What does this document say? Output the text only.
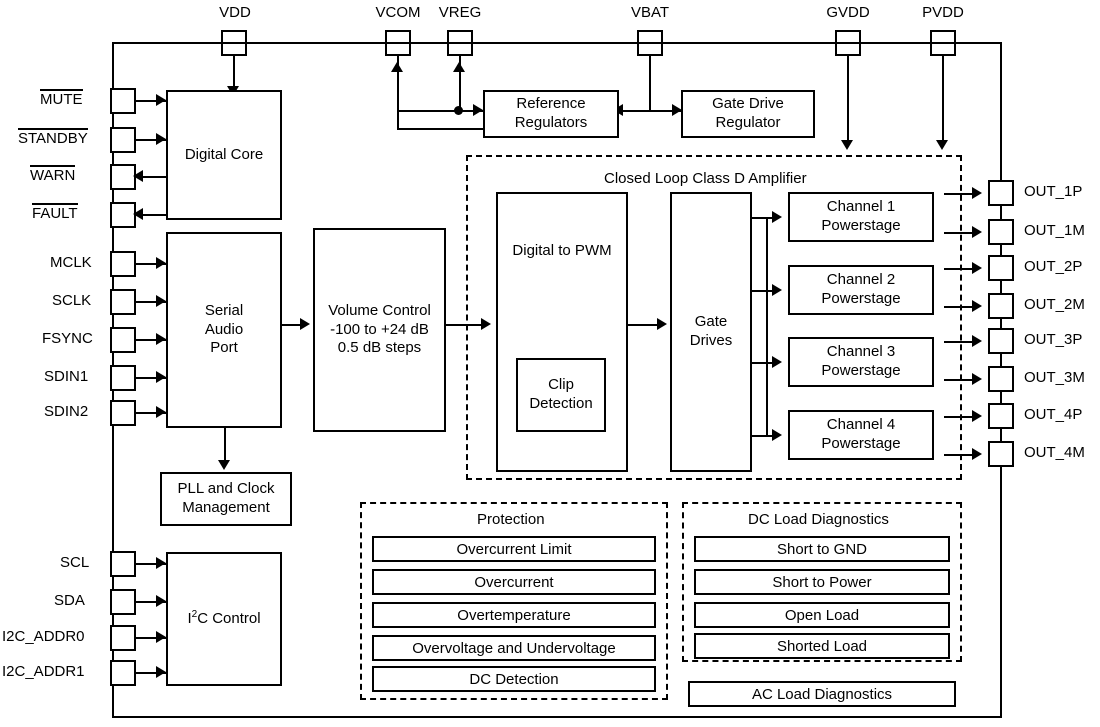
VDD	VCOM	VREG	VBAT	GVDD	PVDD
MUTE
STANDBY
WARN
FAULT
MCLK
SCLK
FSYNC
SDIN1
SDIN2
SCL
SDA
I2C_ADDR0
I2C_ADDR1
Digital Core
Serial
Audio
Port
Volume Control
-100 to +24 dB
0.5 dB steps
PLL and Clock
Management
$I^2C$ Control
Reference
Regulators
Gate Drive
Regulator
Closed Loop Class D Amplifier
Digital to PWM
Clip
Detection
Gate
Drives
Channel 1
Powerstage
Channel 2
Powerstage
Channel 3
Powerstage
Channel 4
Powerstage
OUT_1P
OUT_1M
OUT_2P
OUT_2M
OUT_3P
OUT_3M
OUT_4P
OUT_4M
Protection
Overcurrent Limit
Overcurrent
Overtemperature
Overvoltage and Undervoltage
DC Detection
DC Load Diagnostics
Short to GND
Short to Power
Open Load
Shorted Load
AC Load Diagnostics
